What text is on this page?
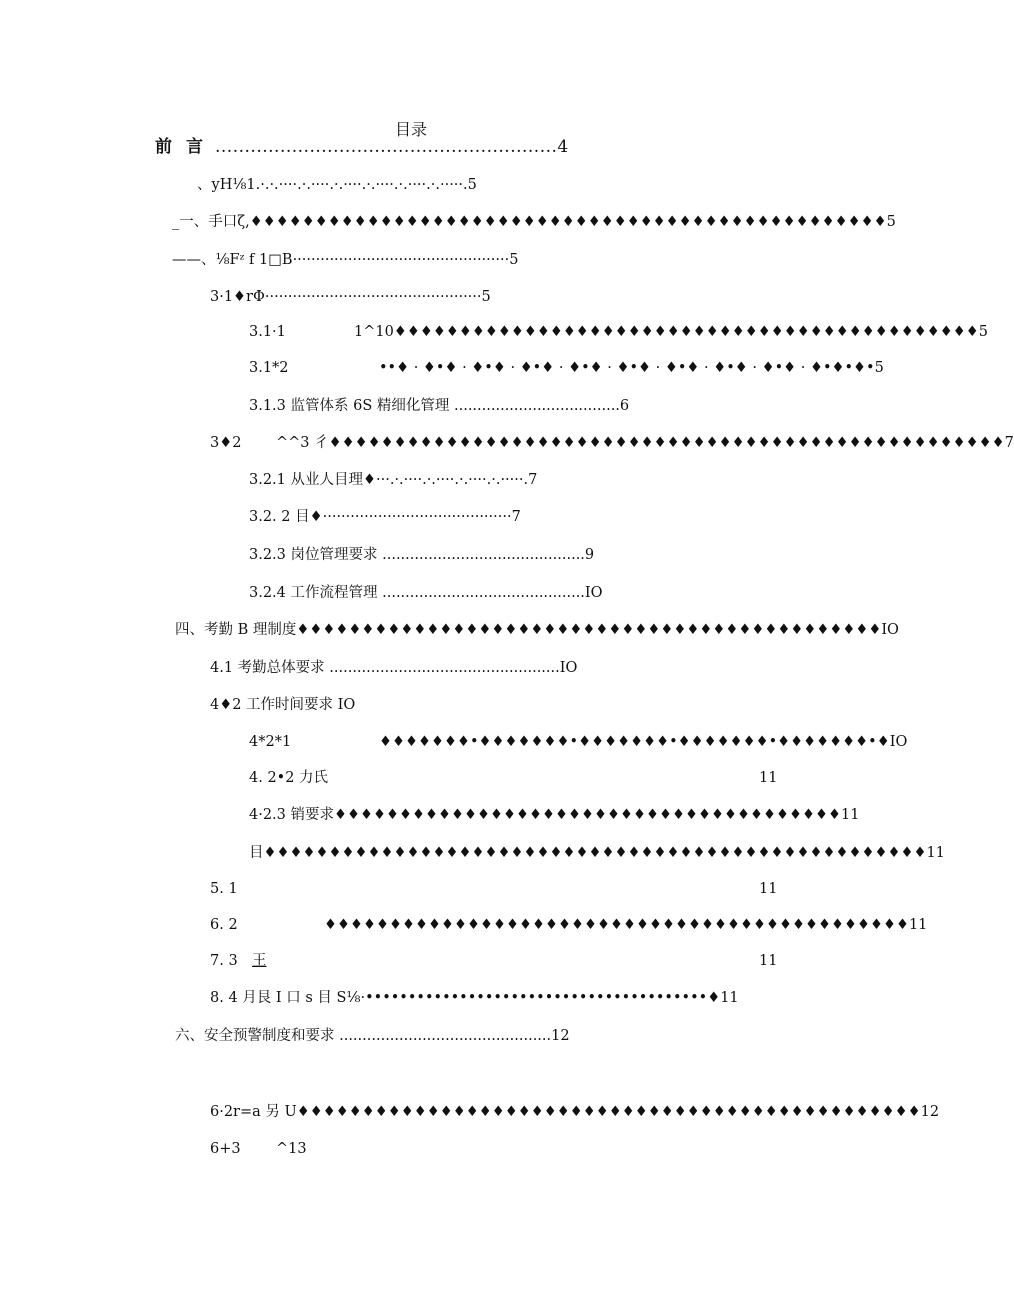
目录
前言..........................................................4
、yH⅛1.·.·.····.·.····.·.····.·.····.·.····.·.·····.5
_一、手口ζ,♦♦♦♦♦♦♦♦♦♦♦♦♦♦♦♦♦♦♦♦♦♦♦♦♦♦♦♦♦♦♦♦♦♦♦♦♦♦♦♦♦♦♦♦♦♦♦♦♦5
——、⅛Fᶻ f 1□B···············································5
3·1♦rΦ···············································5
3.1·1	1^10♦♦♦♦♦♦♦♦♦♦♦♦♦♦♦♦♦♦♦♦♦♦♦♦♦♦♦♦♦♦♦♦♦♦♦♦♦♦♦♦♦♦♦♦♦5
3.1*2	••♦ · ♦•♦ · ♦•♦ · ♦•♦ · ♦•♦ · ♦•♦ · ♦•♦ · ♦•♦ · ♦•♦ · ♦•♦•♦•5
3.1.3 监管体系 6S 精细化管理 ....................................6
3♦2	^^3 彳♦♦♦♦♦♦♦♦♦♦♦♦♦♦♦♦♦♦♦♦♦♦♦♦♦♦♦♦♦♦♦♦♦♦♦♦♦♦♦♦♦♦♦♦♦♦♦♦♦♦♦♦7
3.2.1 从业人目理♦···.·.····.·.····.·.····.·.·····.7
3.2. 2 目♦·········································7
3.2.3 岗位管理要求 ............................................9
3.2.4 工作流程管理 ............................................IO
四、考勤 B 理制度♦♦♦♦♦♦♦♦♦♦♦♦♦♦♦♦♦♦♦♦♦♦♦♦♦♦♦♦♦♦♦♦♦♦♦♦♦♦♦♦♦♦♦♦♦IO
4.1 考勤总体要求 ..................................................IO
4♦2 工作时间要求 IO
4*2*1	♦♦♦♦♦♦♦•♦♦♦♦♦♦♦•♦♦♦♦♦♦♦•♦♦♦♦♦♦♦•♦♦♦♦♦♦♦•♦IO
4. 2•2 力氏	11
4·2.3 销要求♦♦♦♦♦♦♦♦♦♦♦♦♦♦♦♦♦♦♦♦♦♦♦♦♦♦♦♦♦♦♦♦♦♦♦♦♦♦♦11
目♦♦♦♦♦♦♦♦♦♦♦♦♦♦♦♦♦♦♦♦♦♦♦♦♦♦♦♦♦♦♦♦♦♦♦♦♦♦♦♦♦♦♦♦♦♦♦♦♦♦♦11
5. 1	11
6. 2	♦♦♦♦♦♦♦♦♦♦♦♦♦♦♦♦♦♦♦♦♦♦♦♦♦♦♦♦♦♦♦♦♦♦♦♦♦♦♦♦♦♦♦♦♦11
7. 3 王	11
8. 4 月艮 I 口 s 目 S⅛·••••••••••••••••••••••••••••••••••••••••♦11
六、安全预警制度和要求 ..............................................12
6·2r=a 另 U♦♦♦♦♦♦♦♦♦♦♦♦♦♦♦♦♦♦♦♦♦♦♦♦♦♦♦♦♦♦♦♦♦♦♦♦♦♦♦♦♦♦♦♦♦♦♦♦12
6+3	^13
